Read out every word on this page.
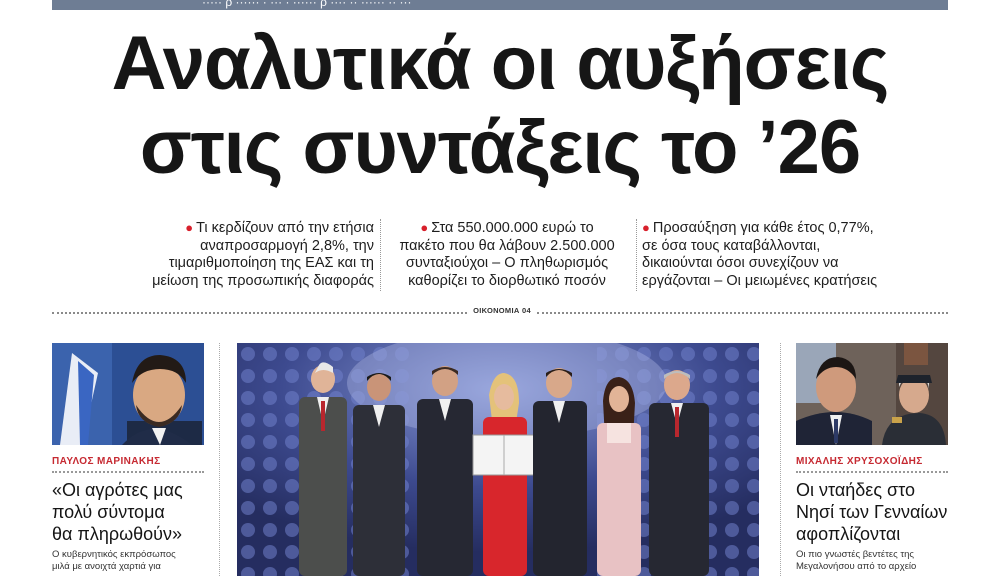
····· ρ ······ · ··· · ······ ρ ···· ·· ······ ·· ···
Αναλυτικά οι αυξήσεις
στις συντάξεις το ’26
● Τι κερδίζουν από την ετήσια
αναπροσαρμογή 2,8%, την
τιμαριθμοποίηση της ΕΑΣ και τη
μείωση της προσωπικής διαφοράς
● Στα 550.000.000 ευρώ το
πακέτο που θα λάβουν 2.500.000
συνταξιούχοι – Ο πληθωρισμός
καθορίζει το διορθωτικό ποσόν
● Προσαύξηση για κάθε έτος 0,77%,
σε όσα τους καταβάλλονται,
δικαιούνται όσοι συνεχίζουν να
εργάζονται – Οι μειωμένες κρατήσεις
ΟΙΚΟΝΟΜΙΑ 04
ΠΑΥΛΟΣ ΜΑΡΙΝΑΚΗΣ
«Οι αγρότες μας
πολύ σύντομα
θα πληρωθούν»
Ο κυβερνητικός εκπρόσωπος
μιλά με ανοιχτά χαρτιά για
ΜΙΧΑΛΗΣ ΧΡΥΣΟΧΟΪΔΗΣ
Οι νταήδες στο
Νησί των Γενναίων
αφοπλίζονται
Οι πιο γνωστές βεντέτες της
Μεγαλονήσου από το αρχείο
